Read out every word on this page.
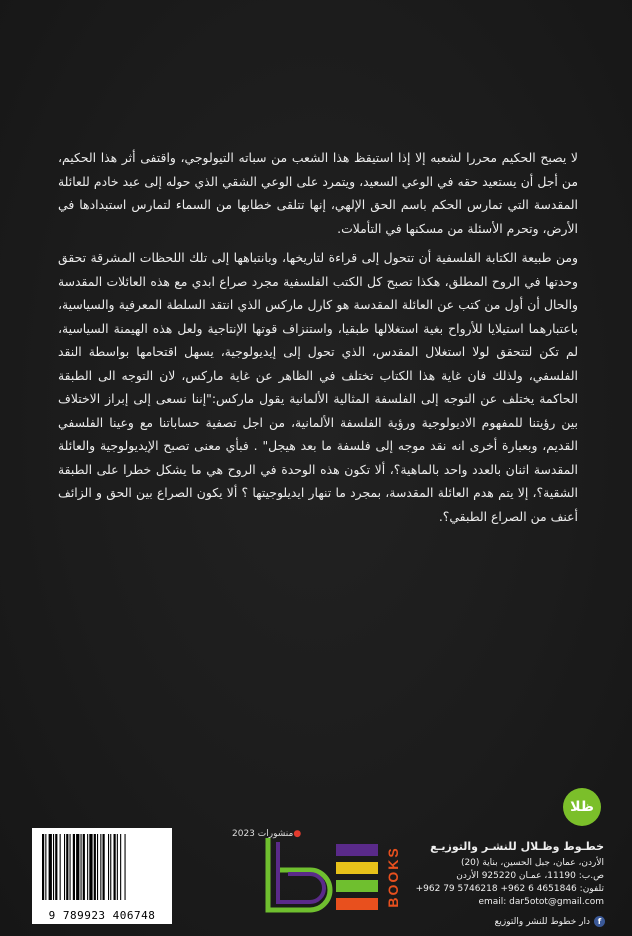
لا يصبح الحكيم محررا لشعبه إلا إذا استيقظ هذا الشعب من سباته التيولوجي، واقتفى أثر هذا الحكيم، من أجل أن يستعيد حقه في الوعي السعيد، ويتمرد على الوعي الشقي الذي حوله إلى عبد خادم للعائلة المقدسة التي تمارس الحكم باسم الحق الإلهي، إنها تتلقى خطابها من السماء لتمارس استبدادها في الأرض، وتحرم الأسئلة من مسكنها في التأملات.

ومن طبيعة الكتابة الفلسفية أن تتحول إلى قراءة لتاريخها، وبانتباهها إلى تلك اللحظات المشرقة تحقق وحدتها في الروح المطلق، هكذا تصبح كل الكتب الفلسفية مجرد صراع ابدي مع هذه العائلات المقدسة والحال أن أول من كتب عن العائلة المقدسة هو كارل ماركس الذي انتقد السلطة المعرفية والسياسية، باعتبارهما استيلايا للأرواح بغية استغلالها طبقيا، واستنزاف قوتها الإنتاجية ولعل هذه الهيمنة السياسية، لم تكن لتتحقق لولا استغلال المقدس، الذي تحول إلى إيديولوجية، يسهل اقتحامها بواسطة النقد الفلسفي، ولذلك فان غاية هذا الكتاب تختلف في الظاهر عن غاية ماركس، لان التوجه الى الطبقة الحاكمة يختلف عن التوجه إلى الفلسفة المثالية الألمانية يقول ماركس:"إننا نسعى إلى إبراز الاختلاف بين رؤيتنا للمفهوم الاديولوجية ورؤية الفلسفة الألمانية، من اجل تصفية حساباتنا مع وعينا الفلسفي القديم، وبعبارة أخرى انه نقد موجه إلى فلسفة ما بعد هيجل" . فبأي معنى تصبح الإيديولوجية والعائلة المقدسة اثنان بالعدد واحد بالماهية؟، ألا تكون هذه الوحدة في الروح هي ما يشكل خطرا على الطبقة الشقية؟، إلا يتم هدم العائلة المقدسة، بمجرد ما تنهار ايديلوجيتها ؟ ألا يكون الصراع بين الحق و الزائف أعنف من الصراع الطبقي؟.

ظلا
●منشورات 2023
9 789923 406748
BOOKS	خطـوط وظـلال للنشـر والتوزيـع
الأردن، عمان، جبل الحسين، بناية (20)
ص.ب: 11190، عمـان 925220 الأردن
تلفون: 4651846 6 962+ 5746218 79 962+
email: dar5otot@gmail.com
fدار خطوط للنشر والتوزيع
